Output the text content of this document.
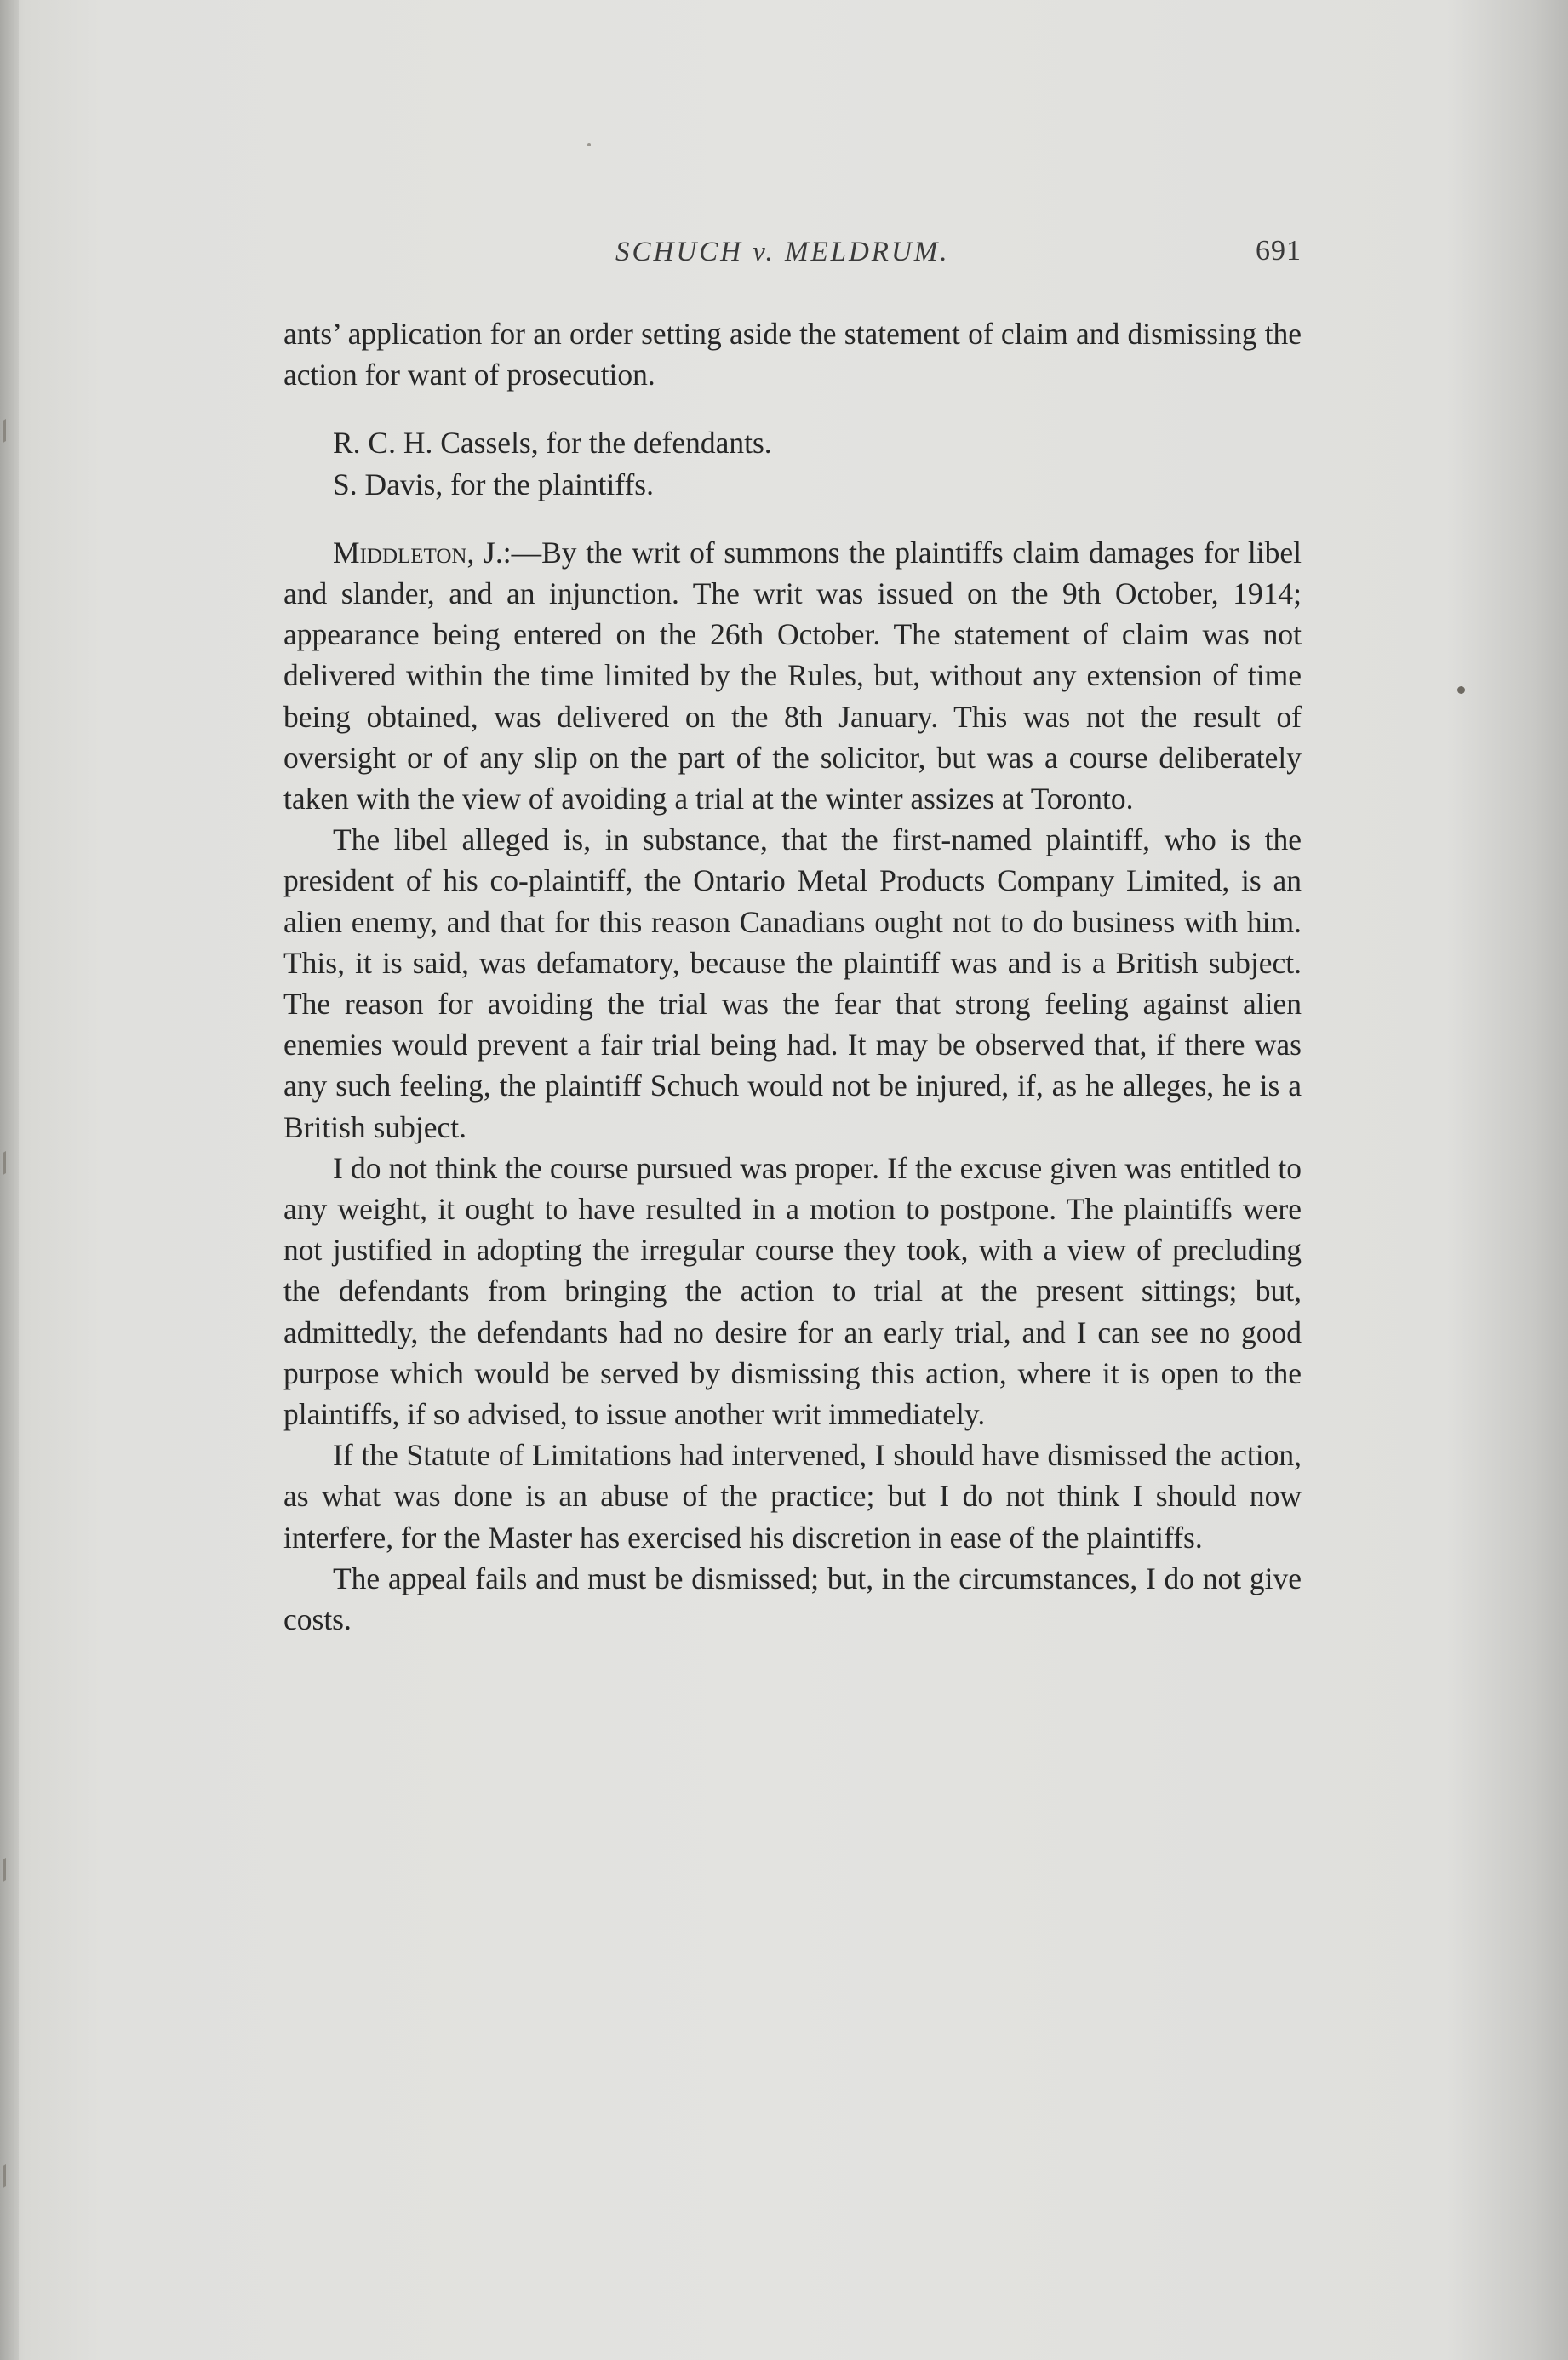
SCHUCH v. MELDRUM.	691

ants’ application for an order setting aside the statement of claim and dismissing the action for want of prosecution.

R. C. H. Cassels, for the defendants.

S. Davis, for the plaintiffs.

Middleton, J.:—By the writ of summons the plaintiffs claim damages for libel and slander, and an injunction. The writ was issued on the 9th October, 1914; appearance being entered on the 26th October. The statement of claim was not delivered within the time limited by the Rules, but, without any extension of time being obtained, was delivered on the 8th January. This was not the result of oversight or of any slip on the part of the solicitor, but was a course deliberately taken with the view of avoiding a trial at the winter assizes at Toronto.

The libel alleged is, in substance, that the first-named plaintiff, who is the president of his co-plaintiff, the Ontario Metal Products Company Limited, is an alien enemy, and that for this reason Canadians ought not to do business with him. This, it is said, was defamatory, because the plaintiff was and is a British subject. The reason for avoiding the trial was the fear that strong feeling against alien enemies would prevent a fair trial being had. It may be observed that, if there was any such feeling, the plaintiff Schuch would not be injured, if, as he alleges, he is a British subject.

I do not think the course pursued was proper. If the excuse given was entitled to any weight, it ought to have resulted in a motion to postpone. The plaintiffs were not justified in adopting the irregular course they took, with a view of precluding the defendants from bringing the action to trial at the present sittings; but, admittedly, the defendants had no desire for an early trial, and I can see no good purpose which would be served by dismissing this action, where it is open to the plaintiffs, if so advised, to issue another writ immediately.

If the Statute of Limitations had intervened, I should have dismissed the action, as what was done is an abuse of the practice; but I do not think I should now interfere, for the Master has exercised his discretion in ease of the plaintiffs.

The appeal fails and must be dismissed; but, in the circumstances, I do not give costs.
